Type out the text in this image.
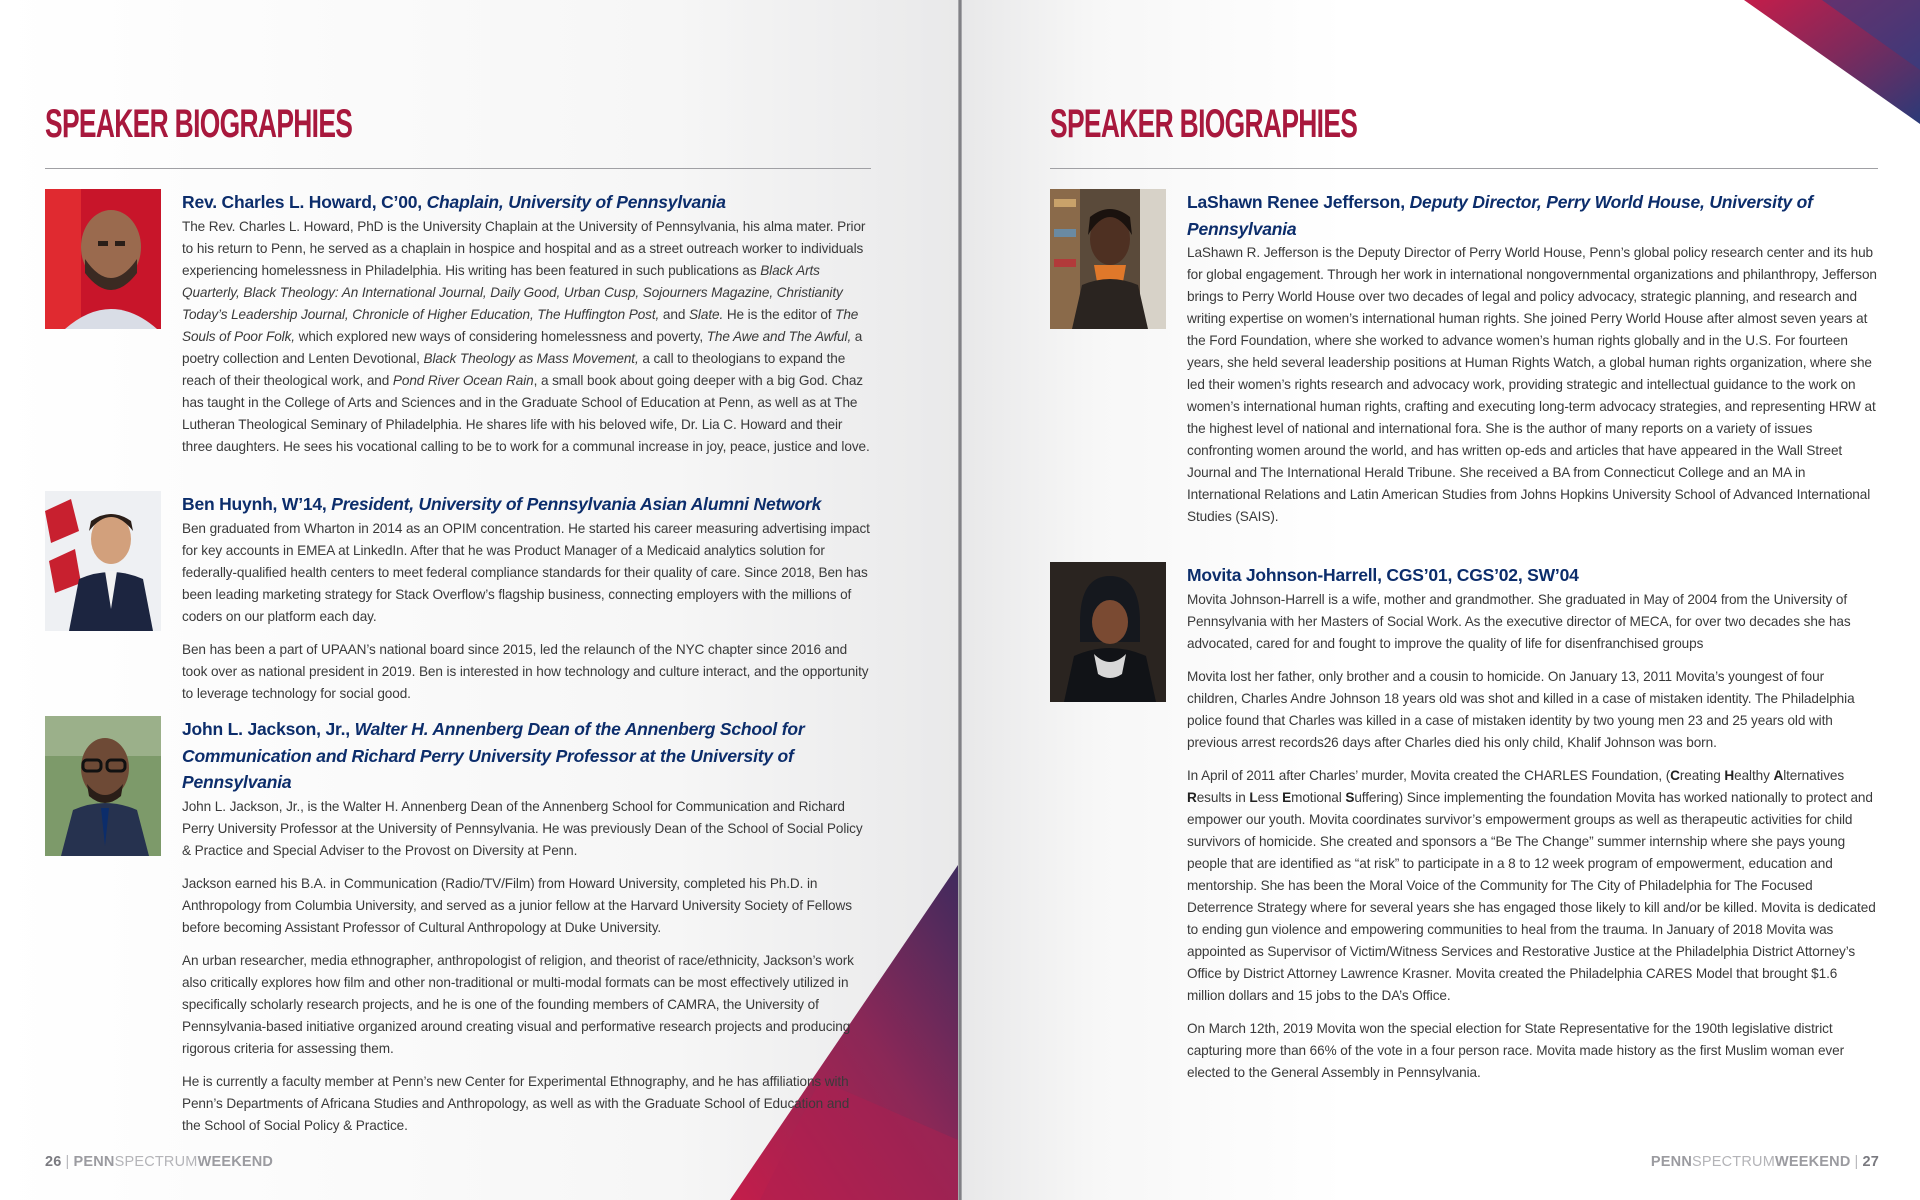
SPEAKER BIOGRAPHIES
Rev. Charles L. Howard, C’00, Chaplain, University of Pennsylvania

The Rev. Charles L. Howard, PhD is the University Chaplain at the University of Pennsylvania, his alma mater. Prior to his return to Penn, he served as a chaplain in hospice and hospital and as a street outreach worker to individuals experiencing homelessness in Philadelphia. His writing has been featured in such publications as Black Arts Quarterly, Black Theology: An International Journal, Daily Good, Urban Cusp, Sojourners Magazine, Christianity Today’s Leadership Journal, Chronicle of Higher Education, The Huffington Post, and Slate. He is the editor of The Souls of Poor Folk, which explored new ways of considering homelessness and poverty, The Awe and The Awful, a poetry collection and Lenten Devotional, Black Theology as Mass Movement, a call to theologians to expand the reach of their theological work, and Pond River Ocean Rain, a small book about going deeper with a big God. Chaz has taught in the College of Arts and Sciences and in the Graduate School of Education at Penn, as well as at The Lutheran Theological Seminary of Philadelphia. He shares life with his beloved wife, Dr. Lia C. Howard and their three daughters. He sees his vocational calling to be to work for a communal increase in joy, peace, justice and love.

Ben Huynh, W’14, President, University of Pennsylvania Asian Alumni Network

Ben graduated from Wharton in 2014 as an OPIM concentration. He started his career measuring advertising impact for key accounts in EMEA at LinkedIn. After that he was Product Manager of a Medicaid analytics solution for federally-qualified health centers to meet federal compliance standards for their quality of care. Since 2018, Ben has been leading marketing strategy for Stack Overflow’s flagship business, connecting employers with the millions of coders on our platform each day.

Ben has been a part of UPAAN’s national board since 2015, led the relaunch of the NYC chapter since 2016 and took over as national president in 2019. Ben is interested in how technology and culture interact, and the opportunity to leverage technology for social good.

John L. Jackson, Jr., Walter H. Annenberg Dean of the Annenberg School for Communication and Richard Perry University Professor at the University of Pennsylvania

John L. Jackson, Jr., is the Walter H. Annenberg Dean of the Annenberg School for Communication and Richard Perry University Professor at the University of Pennsylvania. He was previously Dean of the School of Social Policy & Practice and Special Adviser to the Provost on Diversity at Penn.

Jackson earned his B.A. in Communication (Radio/TV/Film) from Howard University, completed his Ph.D. in Anthropology from Columbia University, and served as a junior fellow at the Harvard University Society of Fellows before becoming Assistant Professor of Cultural Anthropology at Duke University.

An urban researcher, media ethnographer, anthropologist of religion, and theorist of race/ethnicity, Jackson’s work also critically explores how film and other non-traditional or multi-modal formats can be most effectively utilized in specifically scholarly research projects, and he is one of the founding members of CAMRA, the University of Pennsylvania-based initiative organized around creating visual and performative research projects and producing rigorous criteria for assessing them.

He is currently a faculty member at Penn’s new Center for Experimental Ethnography, and he has affiliations with Penn’s Departments of Africana Studies and Anthropology, as well as with the Graduate School of Education and the School of Social Policy & Practice.

26 | PENNSPECTRUMWEEKEND
SPEAKER BIOGRAPHIES
LaShawn Renee Jefferson, Deputy Director, Perry World House, University of Pennsylvania

LaShawn R. Jefferson is the Deputy Director of Perry World House, Penn’s global policy research center and its hub for global engagement. Through her work in international nongovernmental organizations and philanthropy, Jefferson brings to Perry World House over two decades of legal and policy advocacy, strategic planning, and research and writing expertise on women’s international human rights. She joined Perry World House after almost seven years at the Ford Foundation, where she worked to advance women’s human rights globally and in the U.S. For fourteen years, she held several leadership positions at Human Rights Watch, a global human rights organization, where she led their women’s rights research and advocacy work, providing strategic and intellectual guidance to the work on women’s international human rights, crafting and executing long-term advocacy strategies, and representing HRW at the highest level of national and international fora. She is the author of many reports on a variety of issues confronting women around the world, and has written op-eds and articles that have appeared in the Wall Street Journal and The International Herald Tribune. She received a BA from Connecticut College and an MA in International Relations and Latin American Studies from Johns Hopkins University School of Advanced International Studies (SAIS).

Movita Johnson-Harrell, CGS’01, CGS’02, SW’04

Movita Johnson-Harrell is a wife, mother and grandmother. She graduated in May of 2004 from the University of Pennsylvania with her Masters of Social Work. As the executive director of MECA, for over two decades she has advocated, cared for and fought to improve the quality of life for disenfranchised groups

Movita lost her father, only brother and a cousin to homicide. On January 13, 2011 Movita’s youngest of four children, Charles Andre Johnson 18 years old was shot and killed in a case of mistaken identity. The Philadelphia police found that Charles was killed in a case of mistaken identity by two young men 23 and 25 years old with previous arrest records26 days after Charles died his only child, Khalif Johnson was born.

In April of 2011 after Charles’ murder, Movita created the CHARLES Foundation, (Creating Healthy Alternatives Results in Less Emotional Suffering) Since implementing the foundation Movita has worked nationally to protect and empower our youth. Movita coordinates survivor’s empowerment groups as well as therapeutic activities for child survivors of homicide. She created and sponsors a “Be The Change” summer internship where she pays young people that are identified as “at risk” to participate in a 8 to 12 week program of empowerment, education and mentorship. She has been the Moral Voice of the Community for The City of Philadelphia for The Focused Deterrence Strategy where for several years she has engaged those likely to kill and/or be killed. Movita is dedicated to ending gun violence and empowering communities to heal from the trauma. In January of 2018 Movita was appointed as Supervisor of Victim/Witness Services and Restorative Justice at the Philadelphia District Attorney’s Office by District Attorney Lawrence Krasner. Movita created the Philadelphia CARES Model that brought $1.6 million dollars and 15 jobs to the DA’s Office.

On March 12th, 2019 Movita won the special election for State Representative for the 190th legislative district capturing more than 66% of the vote in a four person race. Movita made history as the first Muslim woman ever elected to the General Assembly in Pennsylvania.

PENNSPECTRUMWEEKEND | 27
